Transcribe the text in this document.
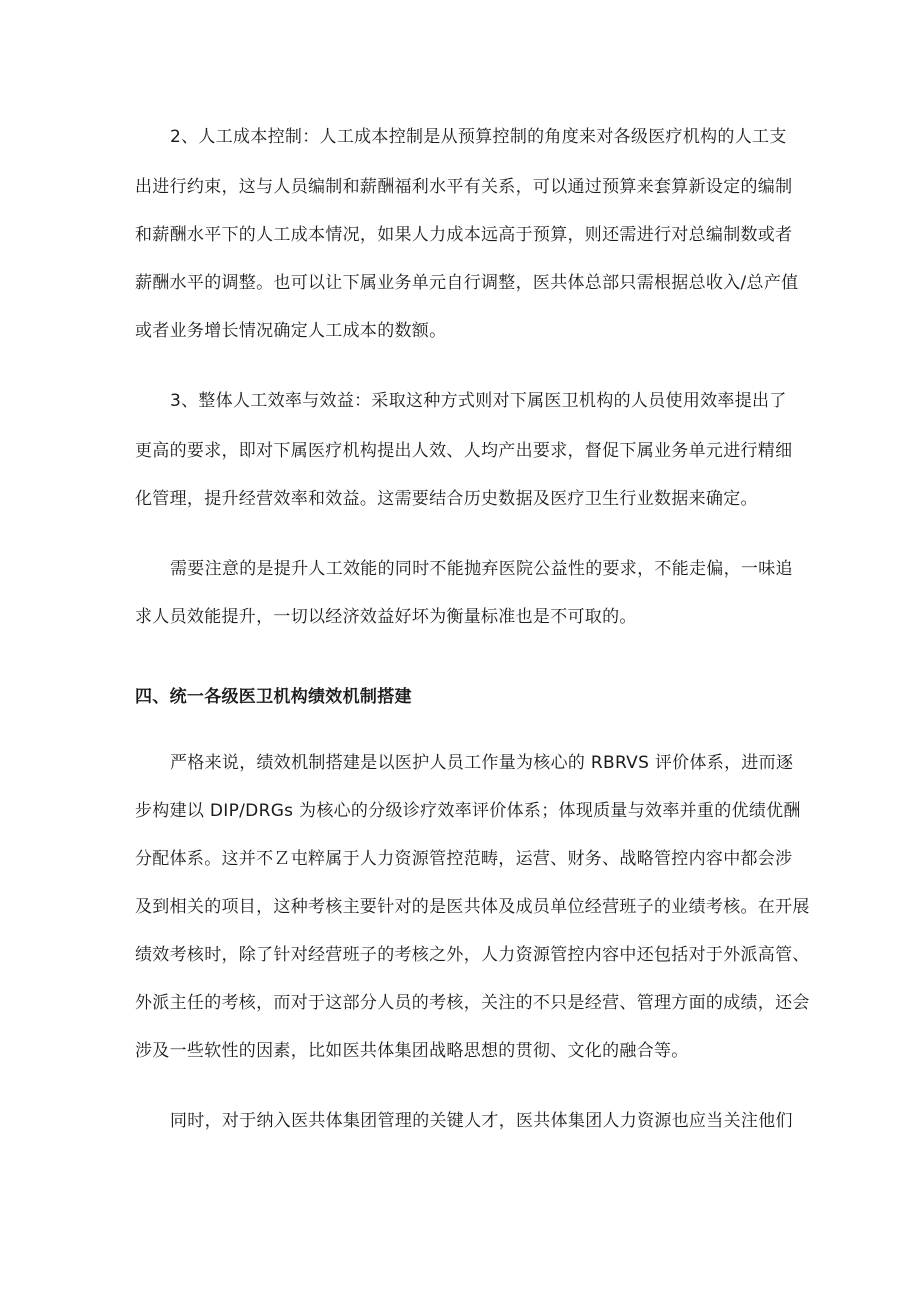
2、人工成本控制：人工成本控制是从预算控制的角度来对各级医疗机构的人工支
出进行约束，这与人员编制和薪酬福利水平有关系，可以通过预算来套算新设定的编制
和薪酬水平下的人工成本情况，如果人力成本远高于预算，则还需进行对总编制数或者
薪酬水平的调整。也可以让下属业务单元自行调整，医共体总部只需根据总收入/总产值
或者业务增长情况确定人工成本的数额。
3、整体人工效率与效益：采取这种方式则对下属医卫机构的人员使用效率提出了
更高的要求，即对下属医疗机构提出人效、人均产出要求，督促下属业务单元进行精细
化管理，提升经营效率和效益。这需要结合历史数据及医疗卫生行业数据来确定。
需要注意的是提升人工效能的同时不能抛弃医院公益性的要求，不能走偏，一味追
求人员效能提升，一切以经济效益好坏为衡量标准也是不可取的。
四、统一各级医卫机构绩效机制搭建
严格来说，绩效机制搭建是以医护人员工作量为核心的 RBRVS 评价体系，进而逐
步构建以 DIP/DRGs 为核心的分级诊疗效率评价体系；体现质量与效率并重的优绩优酬
分配体系。这并不Ｚ屯粹属于人力资源管控范畴，运营、财务、战略管控内容中都会涉
及到相关的项目，这种考核主要针对的是医共体及成员单位经营班子的业绩考核。在开展
绩效考核时，除了针对经营班子的考核之外，人力资源管控内容中还包括对于外派高管、
外派主任的考核，而对于这部分人员的考核，关注的不只是经营、管理方面的成绩，还会
涉及一些软性的因素，比如医共体集团战略思想的贯彻、文化的融合等。
同时，对于纳入医共体集团管理的关键人才，医共体集团人力资源也应当关注他们
